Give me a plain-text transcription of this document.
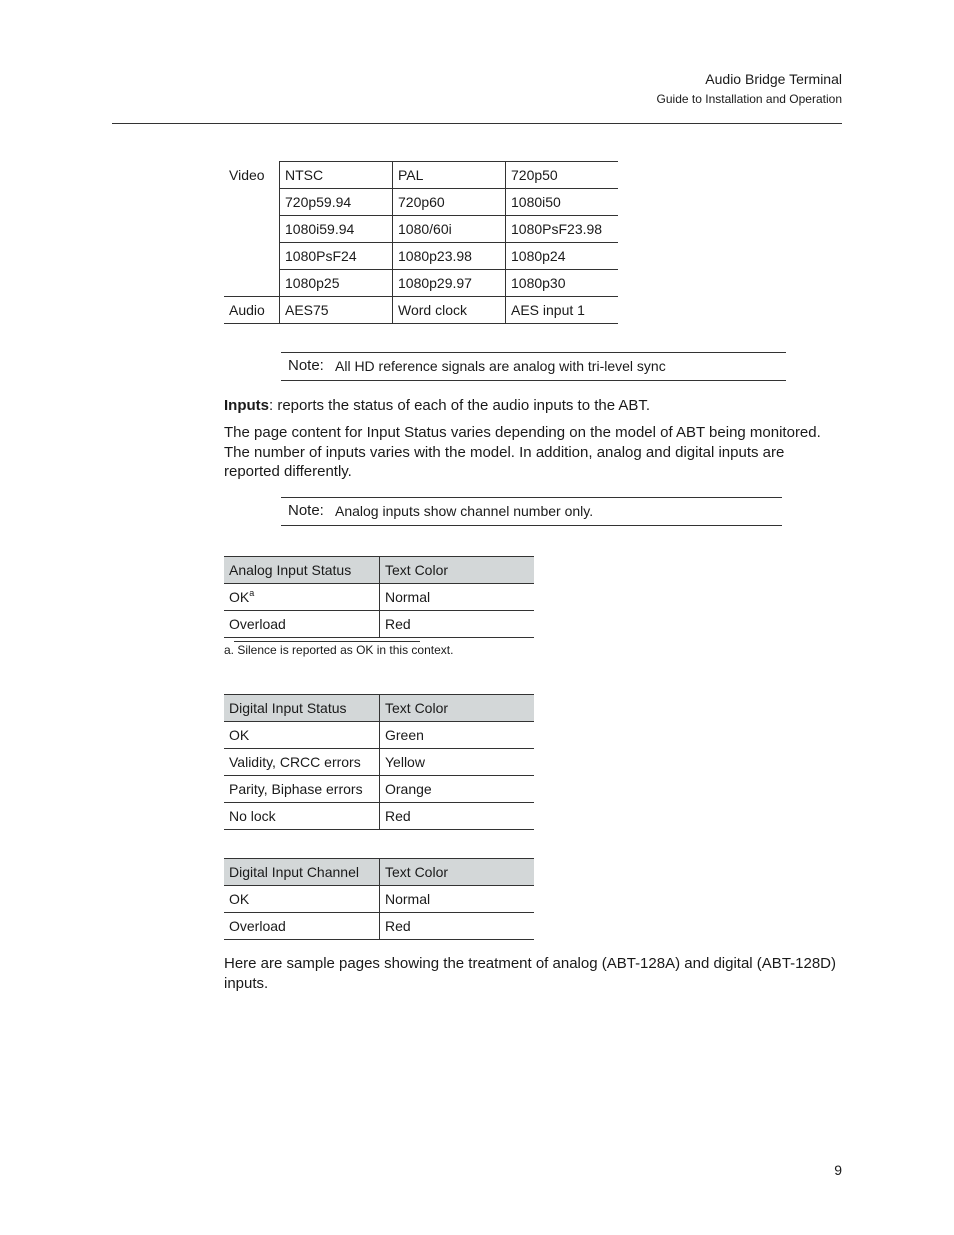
Audio Bridge Terminal
Guide to Installation and Operation
Video	NTSC	PAL	720p50
	720p59.94	720p60	1080i50
	1080i59.94	1080/60i	1080PsF23.98
	1080PsF24	1080p23.98	1080p24
	1080p25	1080p29.97	1080p30
Audio	AES75	Word clock	AES input 1
Note: All HD reference signals are analog with tri-level sync
Inputs: reports the status of each of the audio inputs to the ABT.
The page content for Input Status varies depending on the model of ABT being monitored. The number of inputs varies with the model. In addition, analog and digital inputs are reported differently.
Note: Analog inputs show channel number only.
Analog Input Status	Text Color
$OK^a$	Normal
Overload	Red
a. Silence is reported as OK in this context.
Digital Input Status	Text Color
OK	Green
Validity, CRCC errors	Yellow
Parity, Biphase errors	Orange
No lock	Red
Digital Input Channel	Text Color
OK	Normal
Overload	Red
Here are sample pages showing the treatment of analog (ABT-128A) and digital (ABT-128D) inputs.
9
